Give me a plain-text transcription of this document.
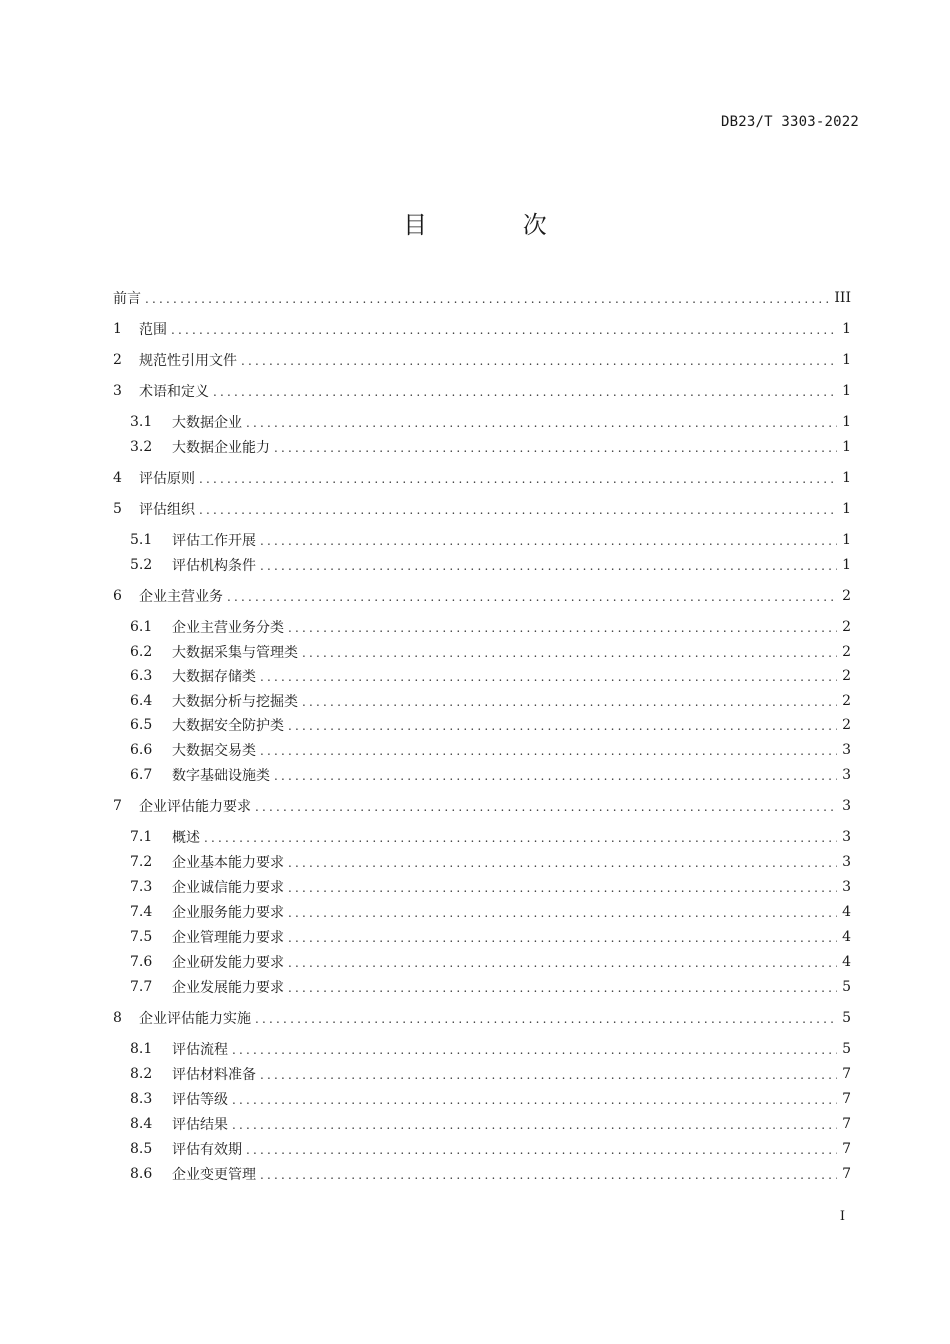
DB23/T 3303-2022
目 次
前言 .....	III
1	范围 .....	1
2	规范性引用文件 .....	1
3	术语和定义 .....	1
3.1	大数据企业 .....	1
3.2	大数据企业能力 .....	1
4	评估原则 .....	1
5	评估组织 .....	1
5.1	评估工作开展 .....	1
5.2	评估机构条件 .....	1
6	企业主营业务 .....	2
6.1	企业主营业务分类 .....	2
6.2	大数据采集与管理类 .....	2
6.3	大数据存储类 .....	2
6.4	大数据分析与挖掘类 .....	2
6.5	大数据安全防护类 .....	2
6.6	大数据交易类 .....	3
6.7	数字基础设施类 .....	3
7	企业评估能力要求 .....	3
7.1	概述 .....	3
7.2	企业基本能力要求 .....	3
7.3	企业诚信能力要求 .....	3
7.4	企业服务能力要求 .....	4
7.5	企业管理能力要求 .....	4
7.6	企业研发能力要求 .....	4
7.7	企业发展能力要求 .....	5
8	企业评估能力实施 .....	5
8.1	评估流程 .....	5
8.2	评估材料准备 .....	7
8.3	评估等级 .....	7
8.4	评估结果 .....	7
8.5	评估有效期 .....	7
8.6	企业变更管理 .....	7
I
